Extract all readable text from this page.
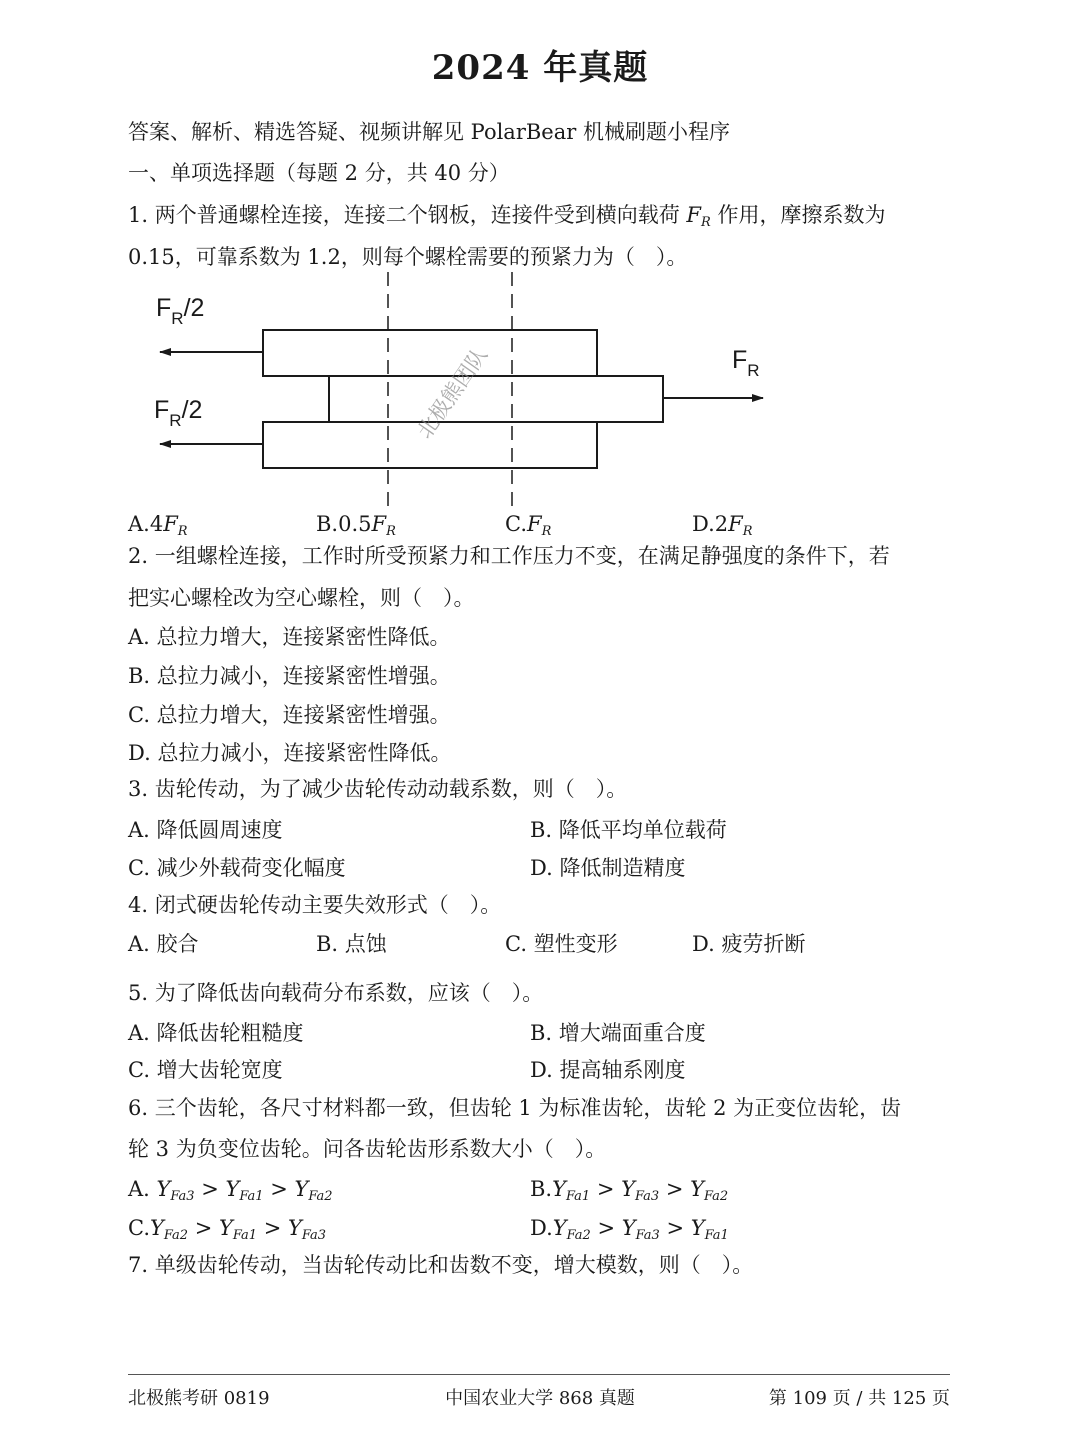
2024 年真题
答案、解析、精选答疑、视频讲解见 PolarBear 机械刷题小程序
一、单项选择题（每题 2 分，共 40 分）
1. 两个普通螺栓连接，连接二个钢板，连接件受到横向载荷 $F_R$ 作用，摩擦系数为
0.15，可靠系数为 1.2，则每个螺栓需要的预紧力为（　）。
$F_R/2$
$F_R/2$
$F_R$
北极熊团队
$A.4F_R$	$B.0.5F_R$	$C.F_R$	$D.2F_R$
2. 一组螺栓连接，工作时所受预紧力和工作压力不变，在满足静强度的条件下，若
把实心螺栓改为空心螺栓，则（　）。
A. 总拉力增大，连接紧密性降低。
B. 总拉力减小，连接紧密性增强。
C. 总拉力增大，连接紧密性增强。
D. 总拉力减小，连接紧密性降低。
3. 齿轮传动，为了减少齿轮传动动载系数，则（　）。
A. 降低圆周速度	B. 降低平均单位载荷
C. 减少外载荷变化幅度	D. 降低制造精度
4. 闭式硬齿轮传动主要失效形式（　）。
A. 胶合	B. 点蚀	C. 塑性变形	D. 疲劳折断
5. 为了降低齿向载荷分布系数，应该（　）。
A. 降低齿轮粗糙度	B. 增大端面重合度
C. 增大齿轮宽度	D. 提高轴系刚度
6. 三个齿轮，各尺寸材料都一致，但齿轮 1 为标准齿轮，齿轮 2 为正变位齿轮，齿
轮 3 为负变位齿轮。问各齿轮齿形系数大小（　）。
A. $Y_{Fa3} > Y_{Fa1} > Y_{Fa2}$	$B.Y_{Fa1} > Y_{Fa3} > Y_{Fa2}$
$C.Y_{Fa2} > Y_{Fa1} > Y_{Fa3}$	$D.Y_{Fa2} > Y_{Fa3} > Y_{Fa1}$
7. 单级齿轮传动，当齿轮传动比和齿数不变，增大模数，则（　）。
北极熊考研 0819	中国农业大学 868 真题	第 109 页 / 共 125 页
